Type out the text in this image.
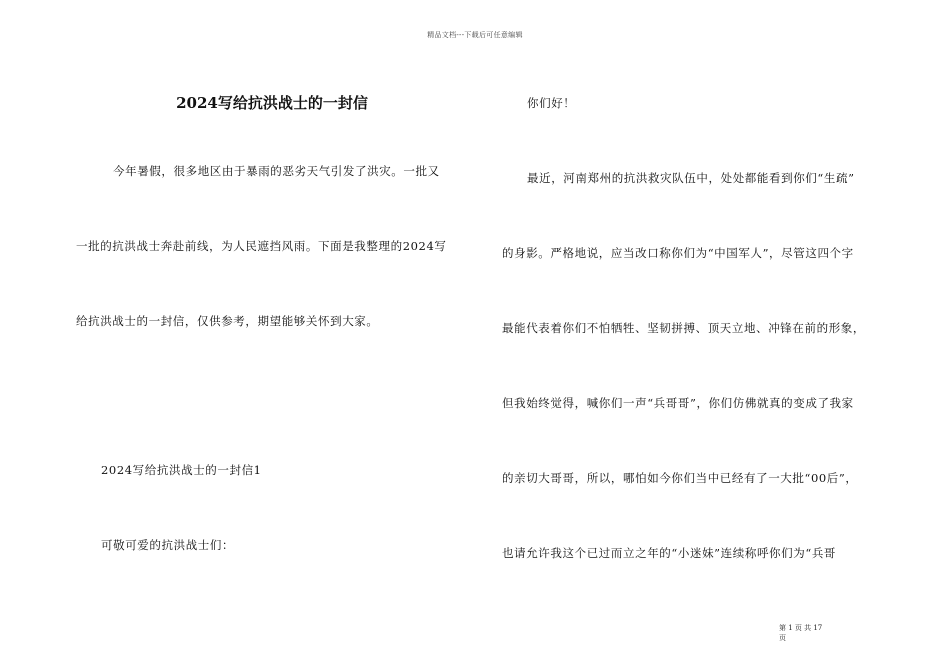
精品文档---下载后可任意编辑
2024写给抗洪战士的一封信
今年暑假，很多地区由于暴雨的恶劣天气引发了洪灾。一批又
一批的抗洪战士奔赴前线，为人民遮挡风雨。下面是我整理的2024写
给抗洪战士的一封信，仅供参考，期望能够关怀到大家。
2024写给抗洪战士的一封信1
可敬可爱的抗洪战士们：
你们好！
最近，河南郑州的抗洪救灾队伍中，处处都能看到你们“生疏”
的身影。严格地说，应当改口称你们为“中国军人”，尽管这四个字
最能代表着你们不怕牺牲、坚韧拼搏、顶天立地、冲锋在前的形象，
但我始终觉得，喊你们一声“兵哥哥”，你们仿佛就真的变成了我家
的亲切大哥哥，所以，哪怕如今你们当中已经有了一大批“00后”，
也请允许我这个已过而立之年的“小迷妹”连续称呼你们为“兵哥
第 1 页 共 17
页
